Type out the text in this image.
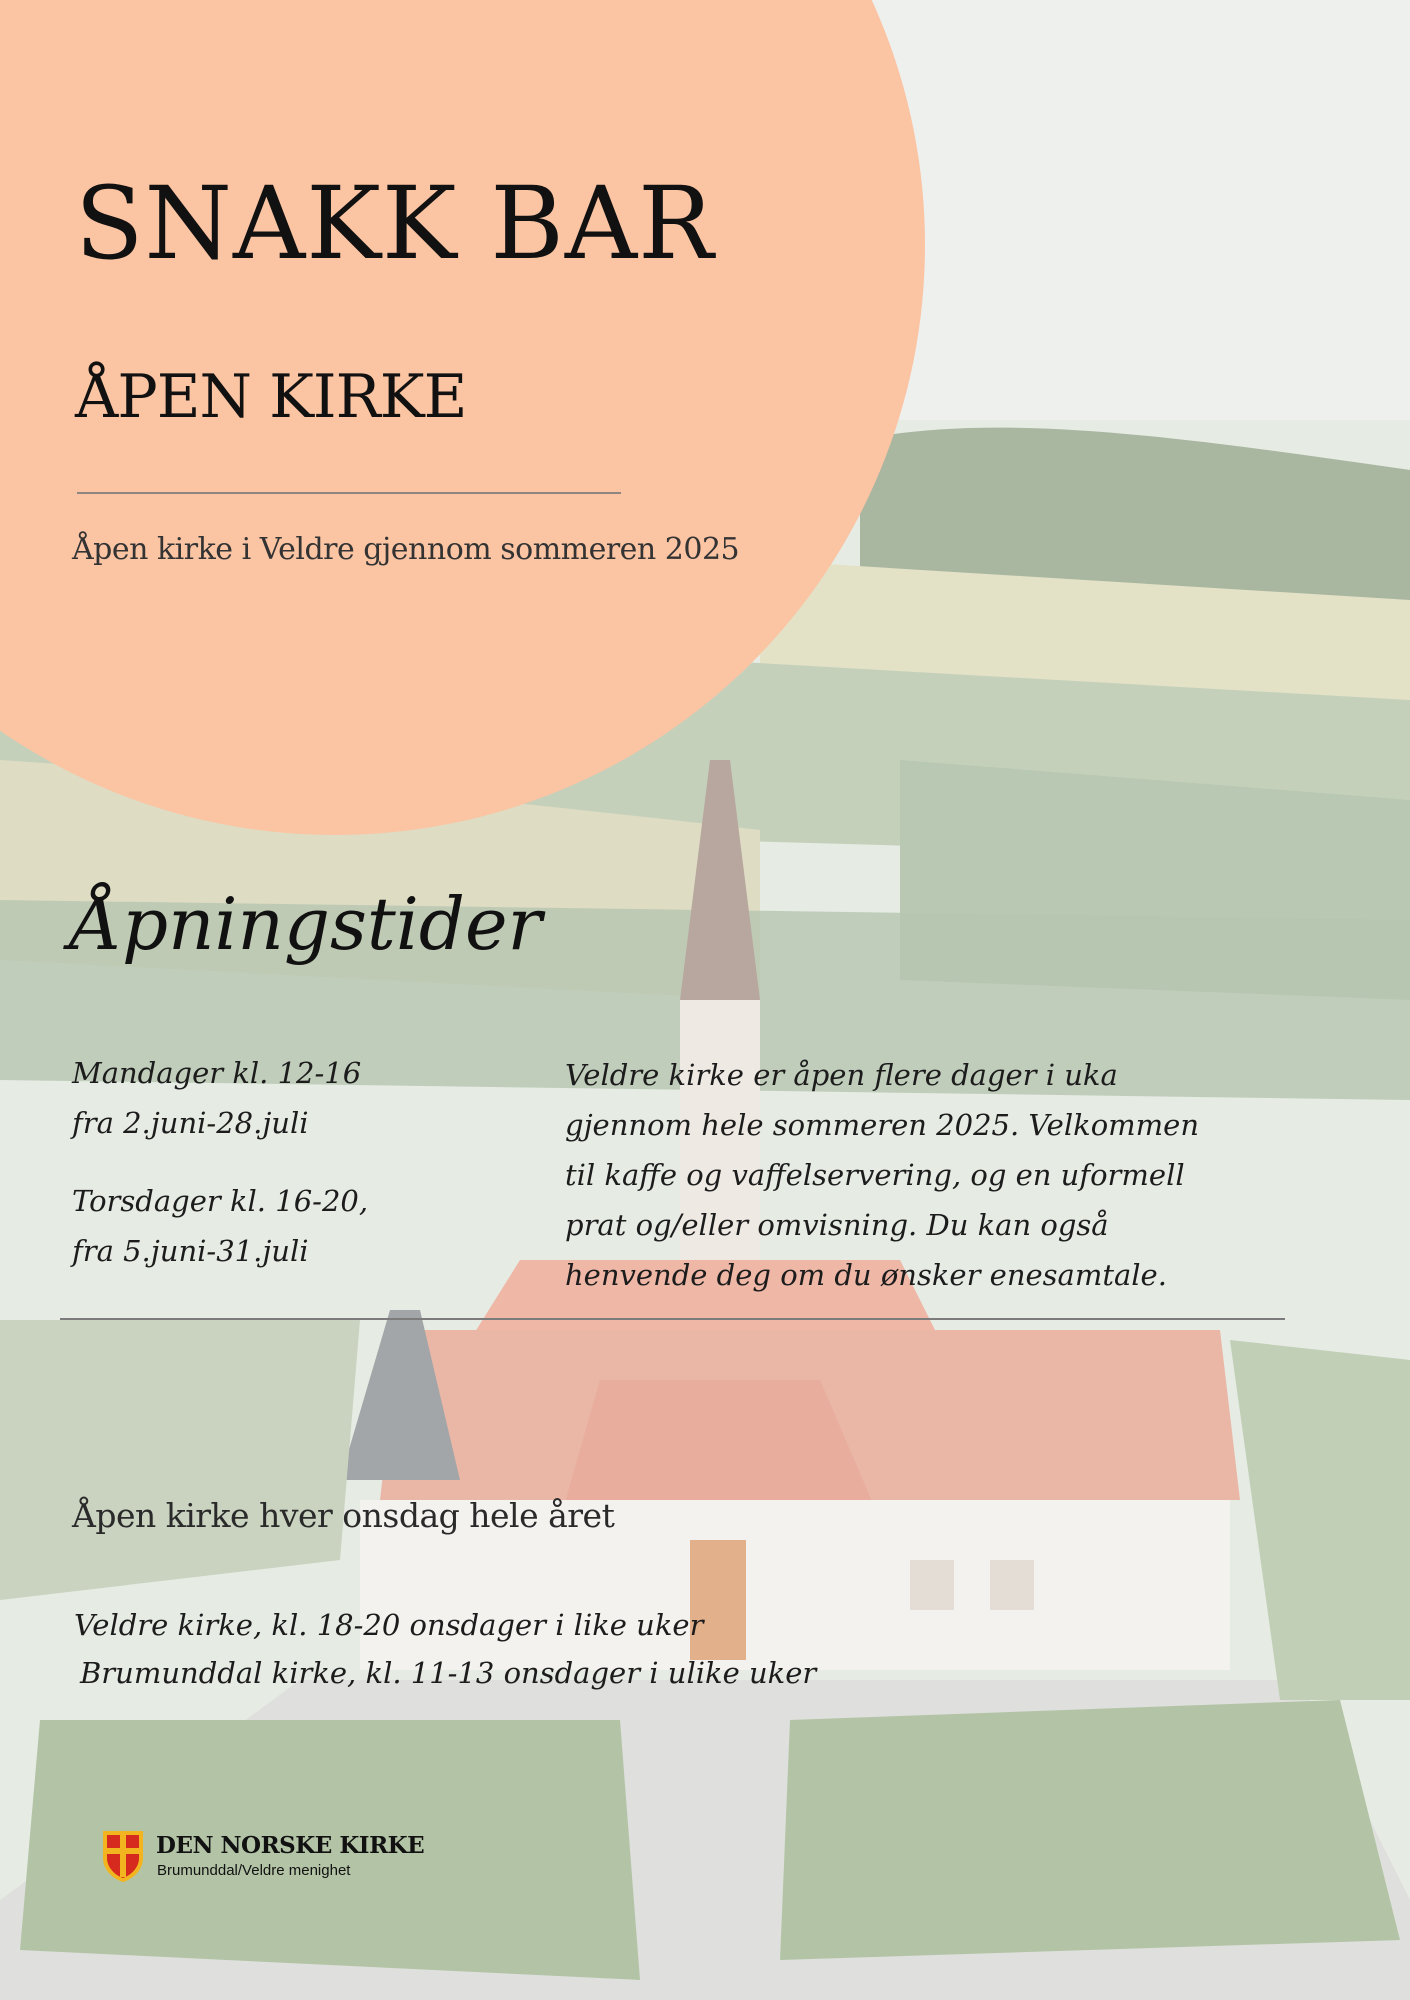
SNAKK BAR
ÅPEN KIRKE
Åpen kirke i Veldre gjennom sommeren 2025
Åpningstider
Mandager kl. 12-16
fra 2.juni-28.juli
Torsdager kl. 16-20,
fra 5.juni-31.juli
Veldre kirke er åpen flere dager i uka
gjennom hele sommeren 2025. Velkommen
til kaffe og vaffelservering, og en uformell
prat og/eller omvisning. Du kan også
henvende deg om du ønsker enesamtale.
Åpen kirke hver onsdag hele året
Veldre kirke, kl. 18-20 onsdager i like uker
Brumunddal kirke, kl. 11-13 onsdager i ulike uker
DEN NORSKE KIRKE
Brumunddal/Veldre menighet
